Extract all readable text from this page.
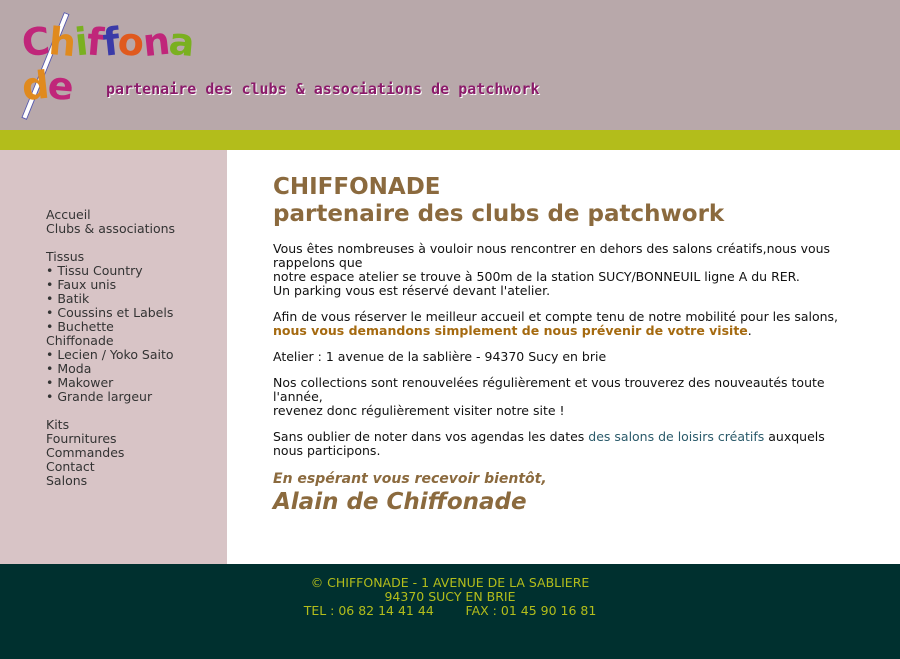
Chiffonade	partenaire des clubs & associations de patchwork
Accueil
Clubs & associations
Tissus
• Tissu Country
• Faux unis
• Batik
• Coussins et Labels
• Buchette
Chiffonade
• Lecien / Yoko Saito
• Moda
• Makower
• Grande largeur
Kits
Fournitures
Commandes
Contact
Salons
CHIFFONADE
partenaire des clubs de patchwork

Vous êtes nombreuses à vouloir nous rencontrer en dehors des salons créatifs,nous vous rappelons que
notre espace atelier se trouve à 500m de la station SUCY/BONNEUIL ligne A du RER.
Un parking vous est réservé devant l'atelier.

Afin de vous réserver le meilleur accueil et compte tenu de notre mobilité pour les salons,
nous vous demandons simplement de nous prévenir de votre visite.

Atelier : 1 avenue de la sablière - 94370 Sucy en brie

Nos collections sont renouvelées régulièrement et vous trouverez des nouveautés toute l'année,
revenez donc régulièrement visiter notre site !

Sans oublier de noter dans vos agendas les dates des salons de loisirs créatifs auxquels nous participons.

En espérant vous recevoir bientôt,
Alain de Chiffonade
© CHIFFONADE - 1 AVENUE DE LA SABLIERE
94370 SUCY EN BRIE
TEL : 06 82 14 41 44        FAX : 01 45 90 16 81
